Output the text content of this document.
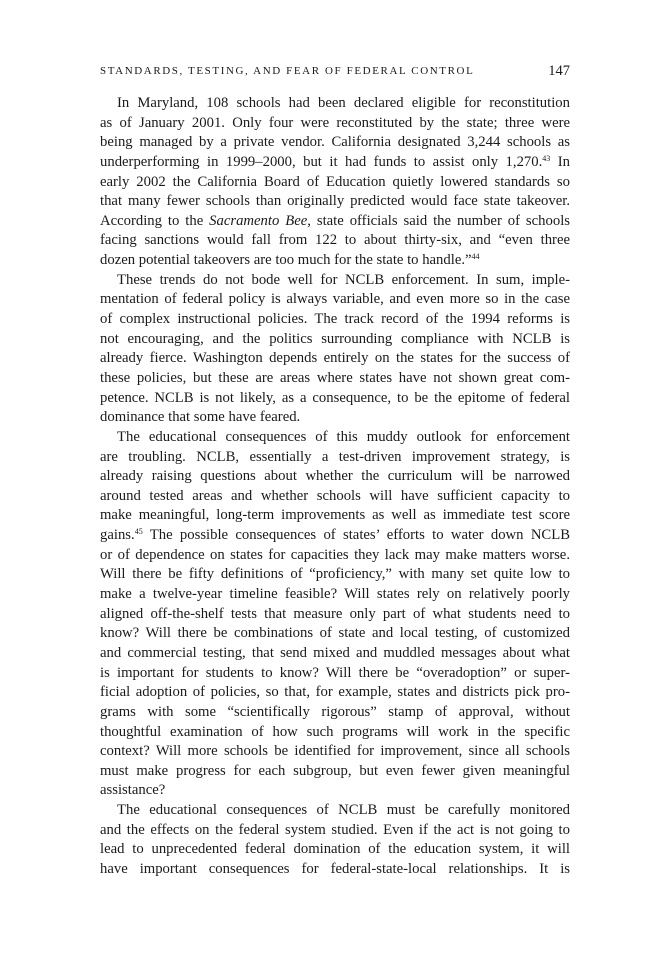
STANDARDS, TESTING, AND FEAR OF FEDERAL CONTROL	147
In Maryland, 108 schools had been declared eligible for reconstitution
as of January 2001. Only four were reconstituted by the state; three were
being managed by a private vendor. California designated 3,244 schools as
underperforming in 1999–2000, but it had funds to assist only 1,270.43 In
early 2002 the California Board of Education quietly lowered standards so
that many fewer schools than originally predicted would face state takeover.
According to the Sacramento Bee, state officials said the number of schools
facing sanctions would fall from 122 to about thirty-six, and “even three
dozen potential takeovers are too much for the state to handle.”$^{44}$
These trends do not bode well for NCLB enforcement. In sum, imple-
mentation of federal policy is always variable, and even more so in the case
of complex instructional policies. The track record of the 1994 reforms is
not encouraging, and the politics surrounding compliance with NCLB is
already fierce. Washington depends entirely on the states for the success of
these policies, but these are areas where states have not shown great com-
petence. NCLB is not likely, as a consequence, to be the epitome of federal
dominance that some have feared.
The educational consequences of this muddy outlook for enforcement
are troubling. NCLB, essentially a test-driven improvement strategy, is
already raising questions about whether the curriculum will be narrowed
around tested areas and whether schools will have sufficient capacity to
make meaningful, long-term improvements as well as immediate test score
gains.$^{45}$ The possible consequences of states’ efforts to water down NCLB
or of dependence on states for capacities they lack may make matters worse.
Will there be fifty definitions of “proficiency,” with many set quite low to
make a twelve-year timeline feasible? Will states rely on relatively poorly
aligned off-the-shelf tests that measure only part of what students need to
know? Will there be combinations of state and local testing, of customized
and commercial testing, that send mixed and muddled messages about what
is important for students to know? Will there be “overadoption” or super-
ficial adoption of policies, so that, for example, states and districts pick pro-
grams with some “scientifically rigorous” stamp of approval, without
thoughtful examination of how such programs will work in the specific
context? Will more schools be identified for improvement, since all schools
must make progress for each subgroup, but even fewer given meaningful
assistance?
The educational consequences of NCLB must be carefully monitored
and the effects on the federal system studied. Even if the act is not going to
lead to unprecedented federal domination of the education system, it will
have important consequences for federal-state-local relationships. It is
